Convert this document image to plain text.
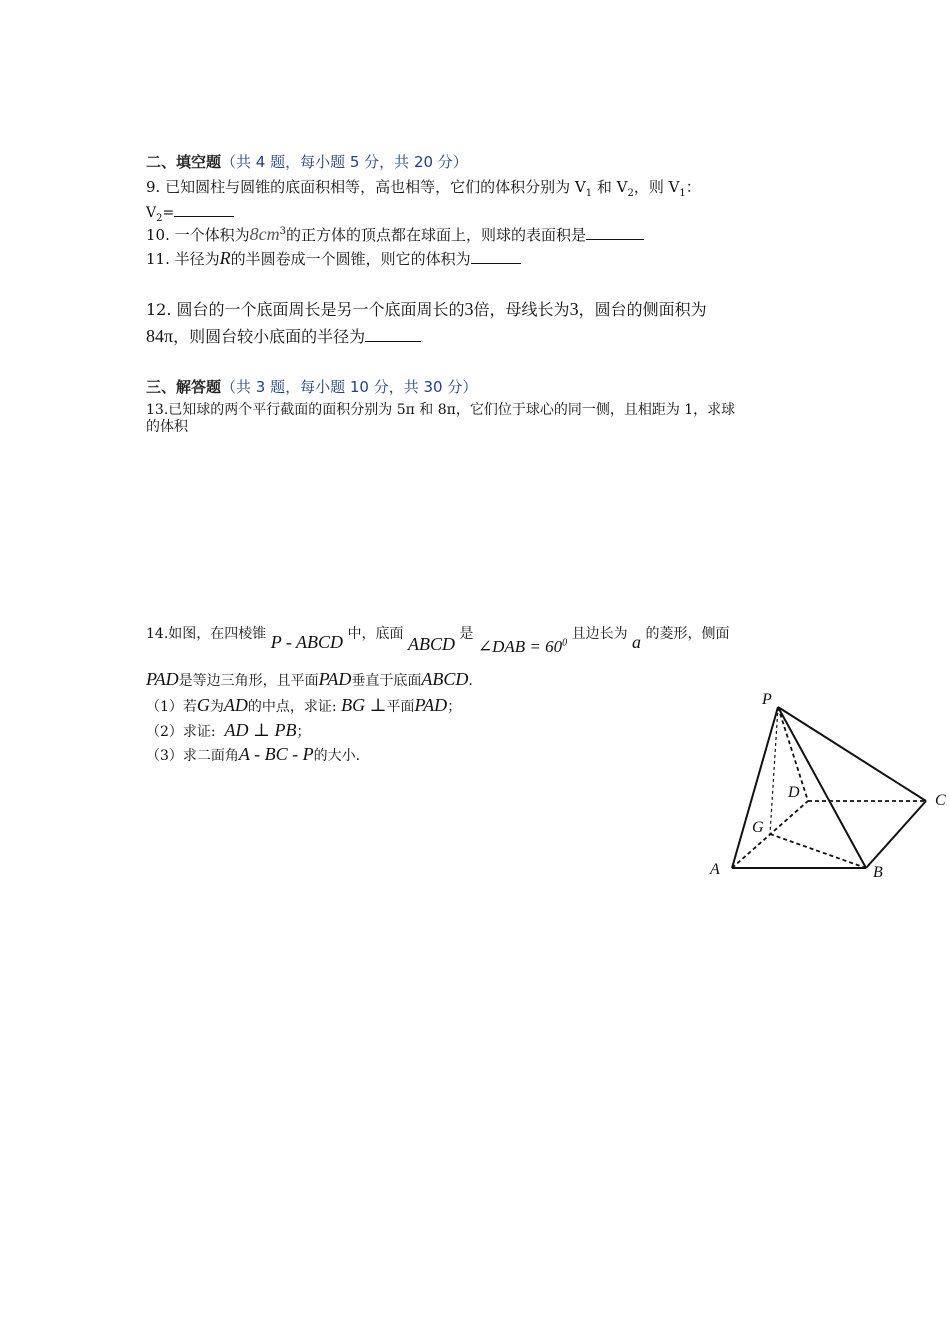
二、填空题（共 4 题，每小题 5 分，共 20 分）
9. 已知圆柱与圆锥的底面积相等，高也相等，它们的体积分别为 $V_1$ 和 $V_2$，则 $V_1$：
$V_2=$
10. 一个体积为$8cm^3$的正方体的顶点都在球面上，则球的表面积是
11. 半径为R的半圆卷成一个圆锥，则它的体积为
12. 圆台的一个底面周长是另一个底面周长的3倍，母线长为3，圆台的侧面积为
84π，则圆台较小底面的半径为
三、解答题（共 3 题，每小题 10 分，共 30 分）
13.已知球的两个平行截面的面积分别为 5π 和 8π，它们位于球心的同一侧，且相距为 1，求球
的体积
14.如图，在四棱锥 P - ABCD 中，底面 ABCD 是 ∠DAB = $60^0$ 且边长为 a 的菱形，侧面
PAD是等边三角形，且平面PAD垂直于底面ABCD.
（1）若G为AD的中点，求证: BG ⊥平面PAD；
（2）求证: AD ⊥ PB；
（3）求二面角A - BC - P的大小.
P
D	C
G
A	B
